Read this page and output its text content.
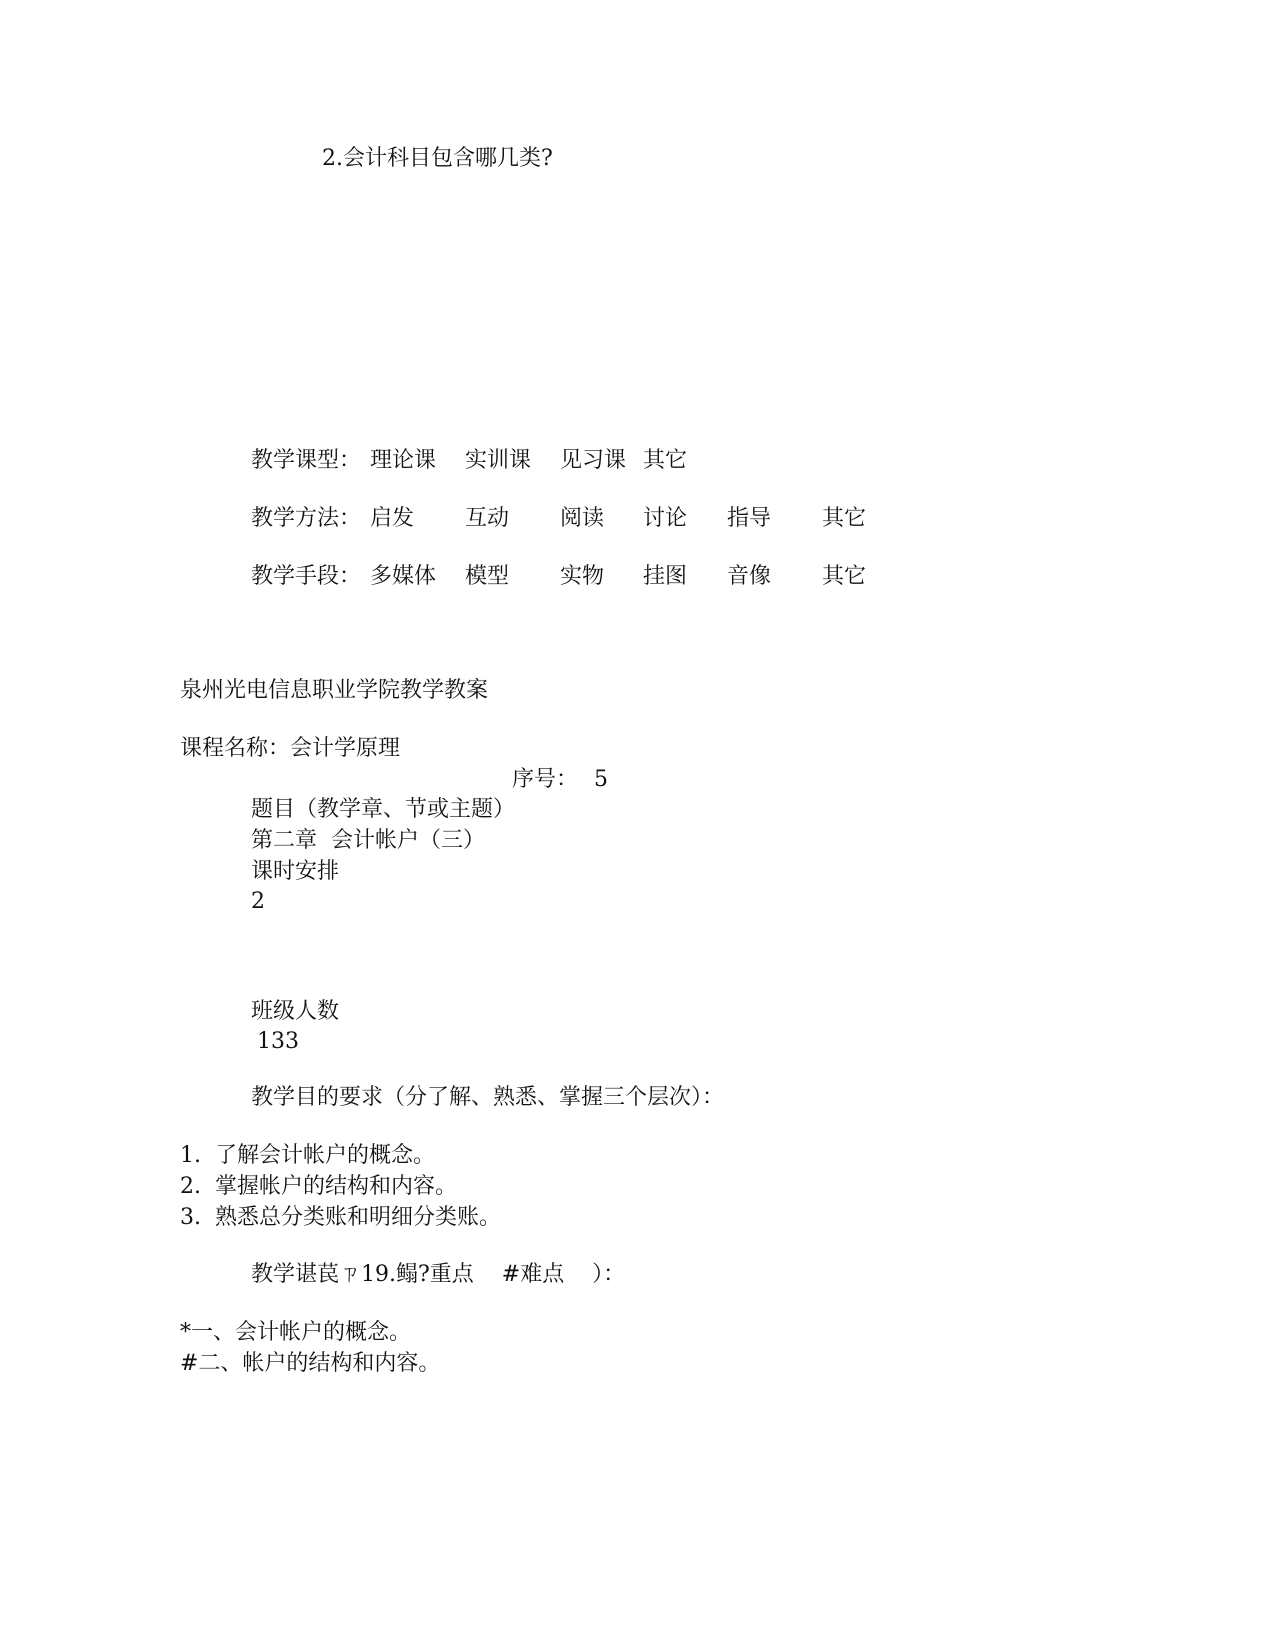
2.会计科目包含哪几类?
教学课型： 理论课 实训课 见习课 其它
教学方法： 启发 互动 阅读 讨论 指导 其它
教学手段： 多媒体 模型 实物 挂图 音像 其它
泉州光电信息职业学院教学教案
课程名称：会计学原理
序号： 5
题目（教学章、节或主题）
第二章  会计帐户（三）
课时安排
2
班级人数
133
教学目的要求（分了解、熟悉、掌握三个层次）：
1.  了解会计帐户的概念。
2.  掌握帐户的结构和内容。
3.  熟悉总分类账和明细分类账。
教学谌苠ㄗ19.鳎?重点    #难点    ）：
*一、会计帐户的概念。
#二、帐户的结构和内容。
